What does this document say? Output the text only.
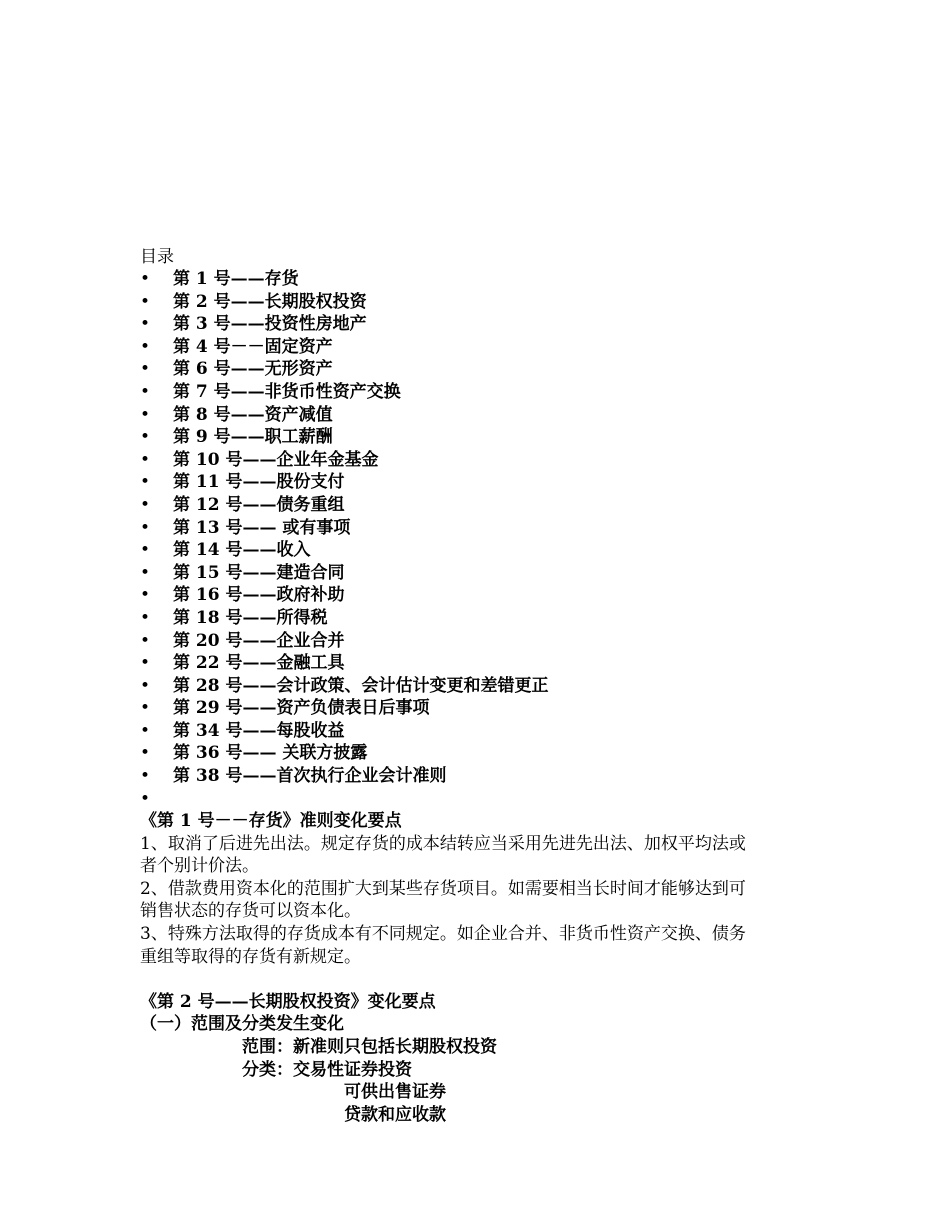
目录
• 第 1 号——存货
• 第 2 号——长期股权投资
• 第 3 号——投资性房地产
• 第 4 号－－固定资产
• 第 6 号——无形资产
• 第 7 号——非货币性资产交换
• 第 8 号——资产减值
• 第 9 号——职工薪酬
• 第 10 号——企业年金基金
• 第 11 号——股份支付
• 第 12 号——债务重组
• 第 13 号—— 或有事项
• 第 14 号——收入
• 第 15 号——建造合同
• 第 16 号——政府补助
• 第 18 号——所得税
• 第 20 号——企业合并
• 第 22 号——金融工具
• 第 28 号——会计政策、会计估计变更和差错更正
• 第 29 号——资产负债表日后事项
• 第 34 号——每股收益
• 第 36 号—— 关联方披露
• 第 38 号——首次执行企业会计准则
•
《第 1 号－－存货》准则变化要点
1、取消了后进先出法。规定存货的成本结转应当采用先进先出法、加权平均法或
者个别计价法。
2、借款费用资本化的范围扩大到某些存货项目。如需要相当长时间才能够达到可
销售状态的存货可以资本化。
3、特殊方法取得的存货成本有不同规定。如企业合并、非货币性资产交换、债务
重组等取得的存货有新规定。
《第 2 号——长期股权投资》变化要点
（一）范围及分类发生变化
范围：新准则只包括长期股权投资
分类：交易性证券投资
可供出售证券
贷款和应收款
